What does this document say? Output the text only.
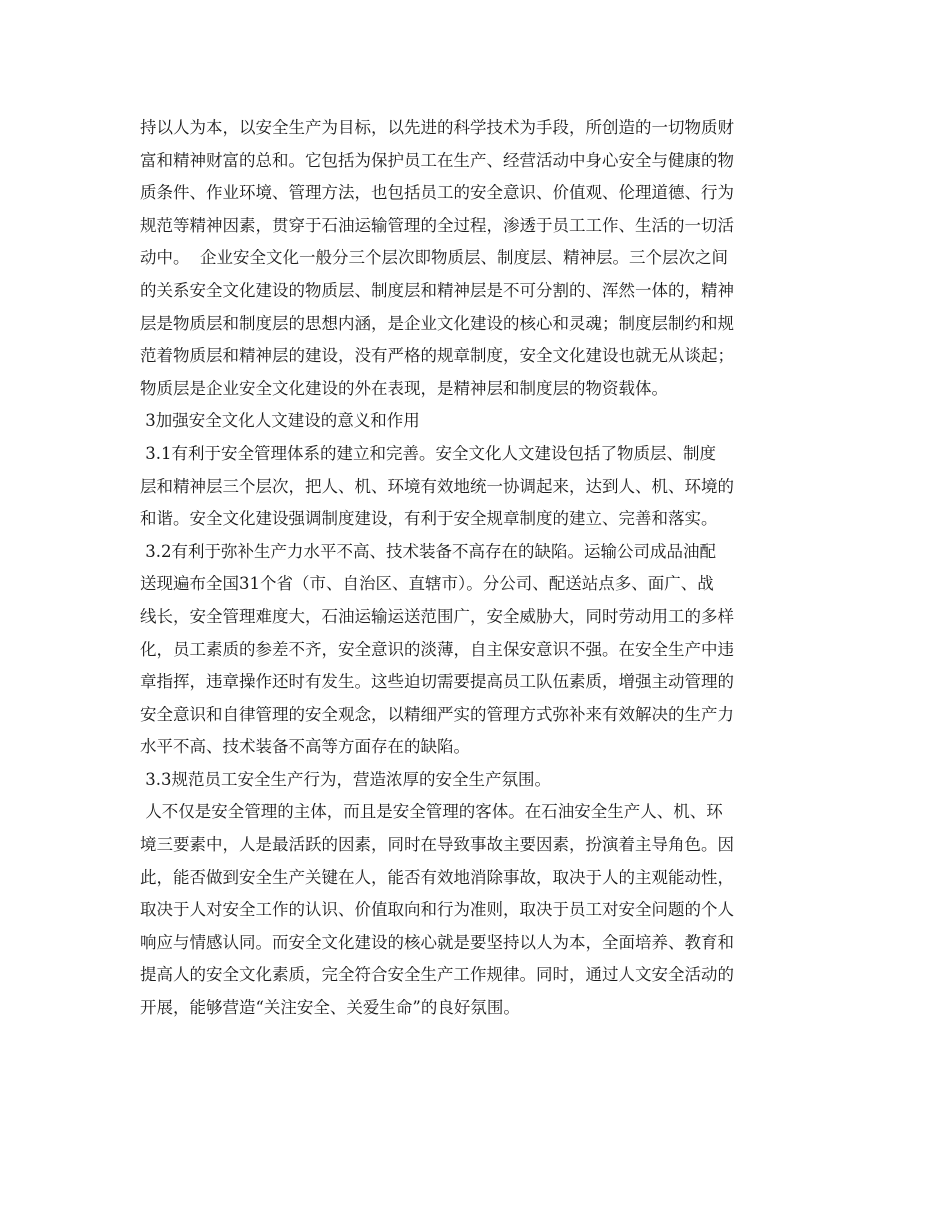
持以人为本，以安全生产为目标，以先进的科学技术为手段，所创造的一切物质财
富和精神财富的总和。它包括为保护员工在生产、经营活动中身心安全与健康的物
质条件、作业环境、管理方法，也包括员工的安全意识、价值观、伦理道德、行为
规范等精神因素，贯穿于石油运输管理的全过程，渗透于员工工作、生活的一切活
动中。  企业安全文化一般分三个层次即物质层、制度层、精神层。三个层次之间
的关系安全文化建设的物质层、制度层和精神层是不可分割的、浑然一体的，精神
层是物质层和制度层的思想内涵，是企业文化建设的核心和灵魂；制度层制约和规
范着物质层和精神层的建设，没有严格的规章制度，安全文化建设也就无从谈起；
物质层是企业安全文化建设的外在表现，是精神层和制度层的物资载体。
3加强安全文化人文建设的意义和作用
3.1有利于安全管理体系的建立和完善。安全文化人文建设包括了物质层、制度
层和精神层三个层次，把人、机、环境有效地统一协调起来，达到人、机、环境的
和谐。安全文化建设强调制度建设，有利于安全规章制度的建立、完善和落实。
3.2有利于弥补生产力水平不高、技术装备不高存在的缺陷。运输公司成品油配
送现遍布全国31个省（市、自治区、直辖市）。分公司、配送站点多、面广、战
线长，安全管理难度大，石油运输运送范围广，安全威胁大，同时劳动用工的多样
化，员工素质的参差不齐，安全意识的淡薄，自主保安意识不强。在安全生产中违
章指挥，违章操作还时有发生。这些迫切需要提高员工队伍素质，增强主动管理的
安全意识和自律管理的安全观念，以精细严实的管理方式弥补来有效解决的生产力
水平不高、技术装备不高等方面存在的缺陷。
3.3规范员工安全生产行为，营造浓厚的安全生产氛围。
人不仅是安全管理的主体，而且是安全管理的客体。在石油安全生产人、机、环
境三要素中，人是最活跃的因素，同时在导致事故主要因素，扮演着主导角色。因
此，能否做到安全生产关键在人，能否有效地消除事故，取决于人的主观能动性，
取决于人对安全工作的认识、价值取向和行为准则，取决于员工对安全问题的个人
响应与情感认同。而安全文化建设的核心就是要坚持以人为本，全面培养、教育和
提高人的安全文化素质，完全符合安全生产工作规律。同时，通过人文安全活动的
开展，能够营造“关注安全、关爱生命”的良好氛围。
